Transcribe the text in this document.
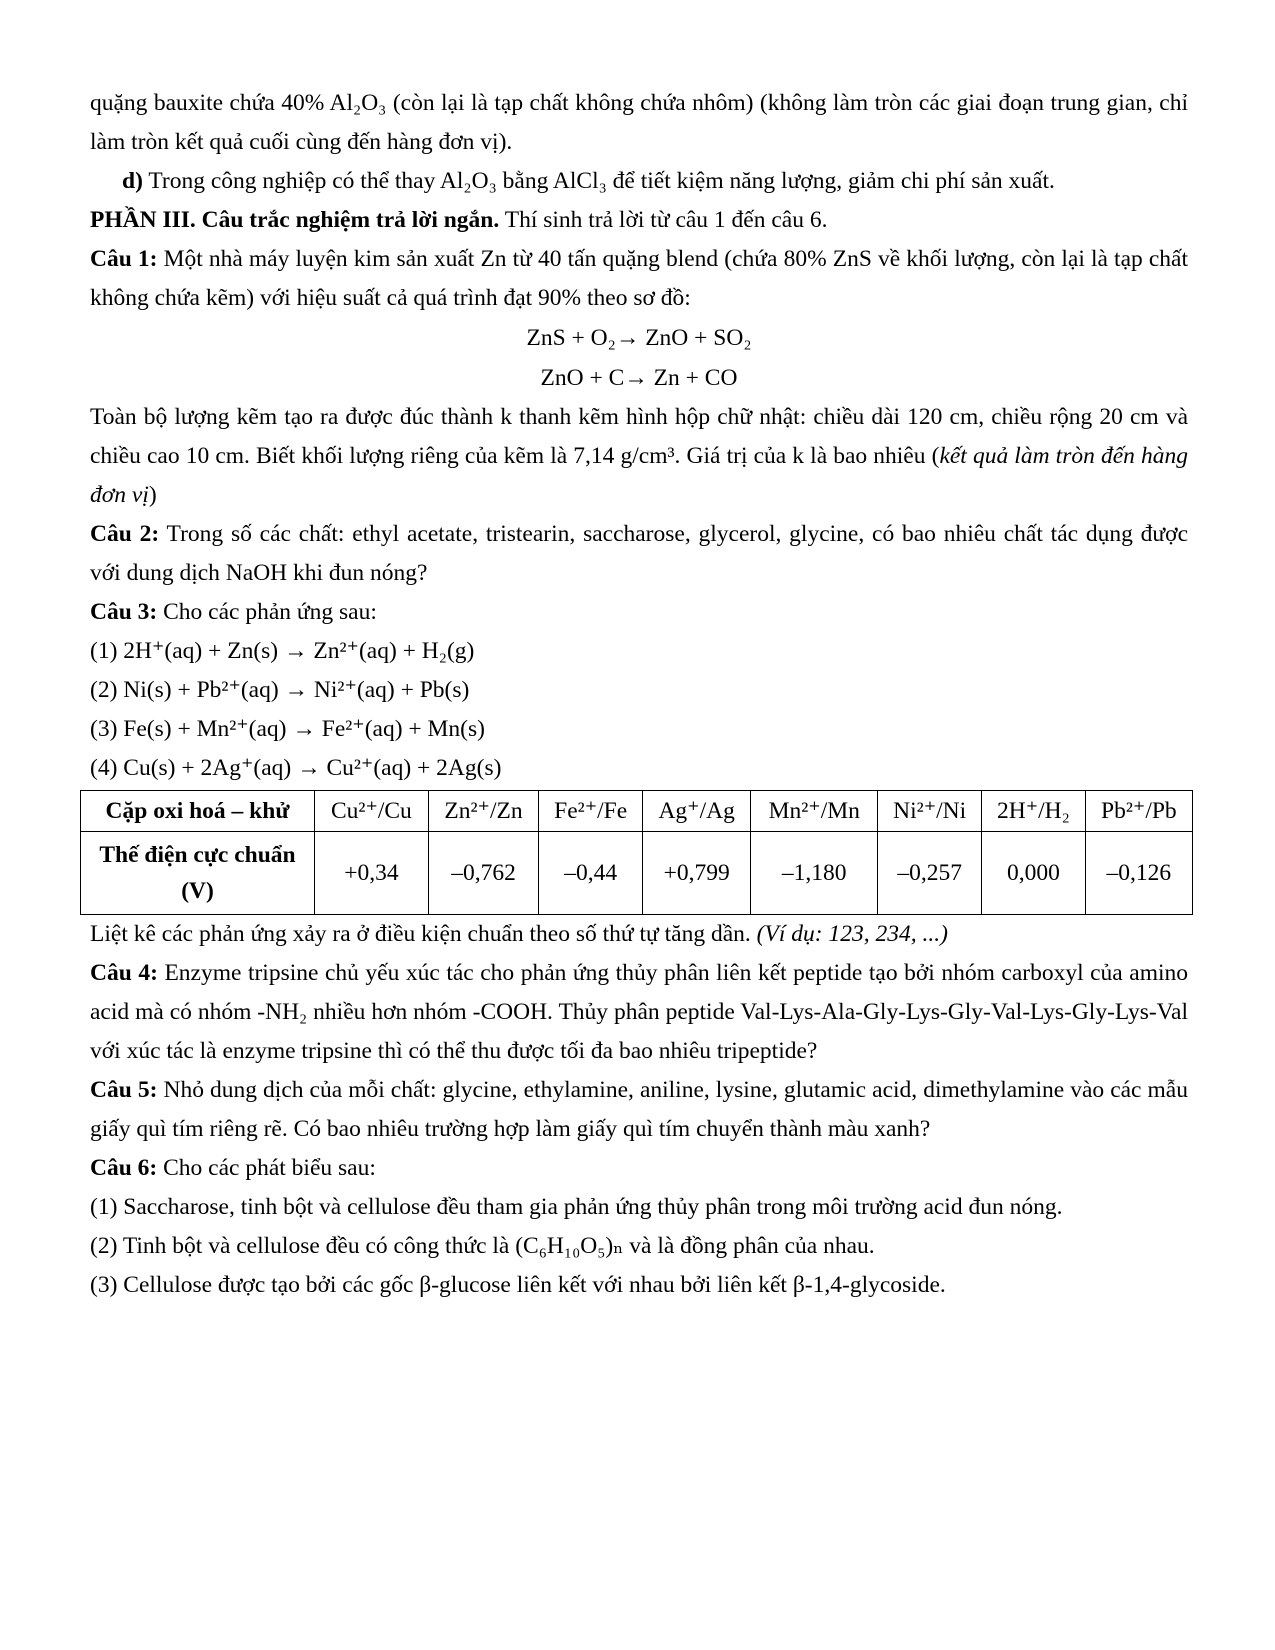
quặng bauxite chứa 40% Al₂O₃ (còn lại là tạp chất không chứa nhôm) (không làm tròn các giai đoạn trung gian, chỉ làm tròn kết quả cuối cùng đến hàng đơn vị).

d) Trong công nghiệp có thể thay Al₂O₃ bằng AlCl₃ để tiết kiệm năng lượng, giảm chi phí sản xuất.

PHẦN III. Câu trắc nghiệm trả lời ngắn. Thí sinh trả lời từ câu 1 đến câu 6.

Câu 1: Một nhà máy luyện kim sản xuất Zn từ 40 tấn quặng blend (chứa 80% ZnS về khối lượng, còn lại là tạp chất không chứa kẽm) với hiệu suất cả quá trình đạt 90% theo sơ đồ:

ZnS + O₂→ ZnO + SO₂

ZnO + C→ Zn + CO

Toàn bộ lượng kẽm tạo ra được đúc thành k thanh kẽm hình hộp chữ nhật: chiều dài 120 cm, chiều rộng 20 cm và chiều cao 10 cm. Biết khối lượng riêng của kẽm là 7,14 g/cm³. Giá trị của k là bao nhiêu (kết quả làm tròn đến hàng đơn vị)

Câu 2: Trong số các chất: ethyl acetate, tristearin, saccharose, glycerol, glycine, có bao nhiêu chất tác dụng được với dung dịch NaOH khi đun nóng?

Câu 3: Cho các phản ứng sau:

(1) 2H⁺(aq) + Zn(s) → Zn²⁺(aq) + H₂(g)

(2) Ni(s) + Pb²⁺(aq) → Ni²⁺(aq) + Pb(s)

(3) Fe(s) + Mn²⁺(aq) → Fe²⁺(aq) + Mn(s)

(4) Cu(s) + 2Ag⁺(aq) → Cu²⁺(aq) + 2Ag(s)

Cặp oxi hoá – khử	Cu²⁺/Cu	Zn²⁺/Zn	Fe²⁺/Fe	Ag⁺/Ag	Mn²⁺/Mn	Ni²⁺/Ni	2H⁺/H₂	Pb²⁺/Pb
Thế điện cực chuẩn
(V)	+0,34	–0,762	–0,44	+0,799	–1,180	–0,257	0,000	–0,126

Liệt kê các phản ứng xảy ra ở điều kiện chuẩn theo số thứ tự tăng dần. (Ví dụ: 123, 234, ...)

Câu 4: Enzyme tripsine chủ yếu xúc tác cho phản ứng thủy phân liên kết peptide tạo bởi nhóm carboxyl của amino acid mà có nhóm -NH₂ nhiều hơn nhóm -COOH. Thủy phân peptide Val-Lys-Ala-Gly-Lys-Gly-Val-Lys-Gly-Lys-Val với xúc tác là enzyme tripsine thì có thể thu được tối đa bao nhiêu tripeptide?

Câu 5: Nhỏ dung dịch của mỗi chất: glycine, ethylamine, aniline, lysine, glutamic acid, dimethylamine vào các mẫu giấy quì tím riêng rẽ. Có bao nhiêu trường hợp làm giấy quì tím chuyển thành màu xanh?

Câu 6: Cho các phát biểu sau:

(1) Saccharose, tinh bột và cellulose đều tham gia phản ứng thủy phân trong môi trường acid đun nóng.

(2) Tinh bột và cellulose đều có công thức là (C₆H₁₀O₅)ₙ và là đồng phân của nhau.

(3) Cellulose được tạo bởi các gốc β-glucose liên kết với nhau bởi liên kết β-1,4-glycoside.
